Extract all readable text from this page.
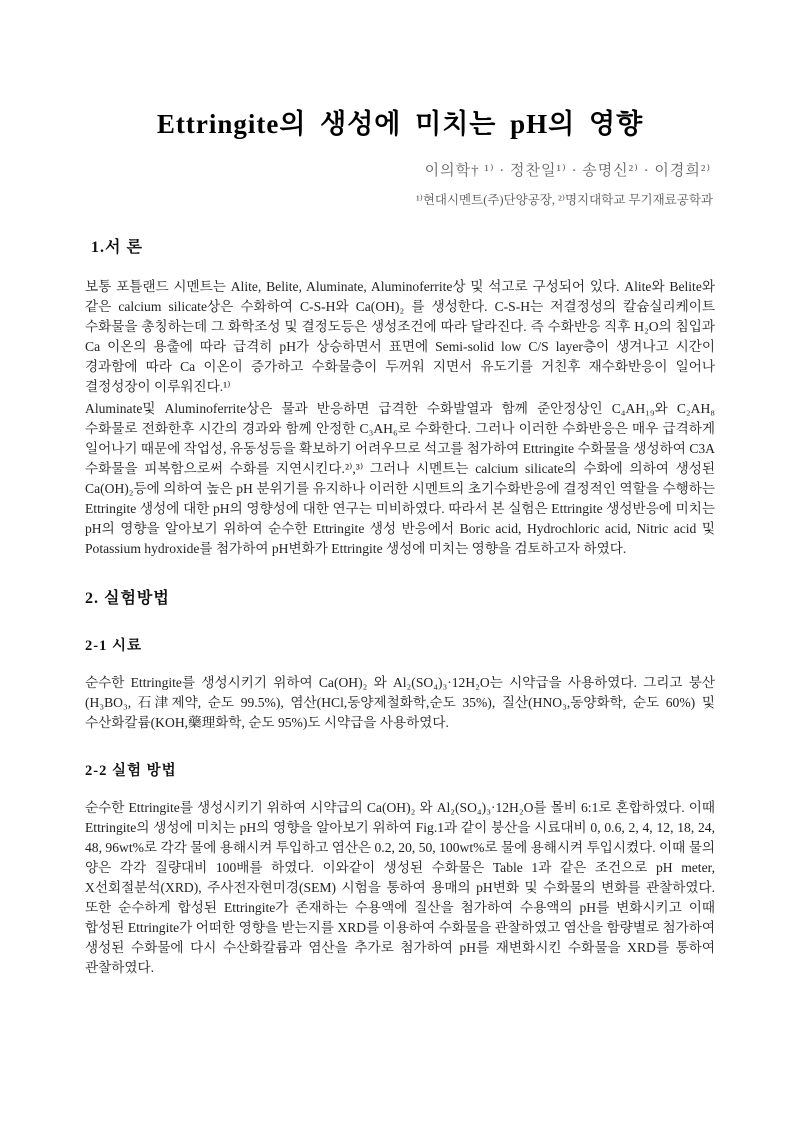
Ettringite의 생성에 미치는 pH의 영향
이의학† ¹⁾ · 정찬일¹⁾ · 송명신²⁾ · 이경희²⁾
¹⁾현대시멘트(주)단양공장, ²⁾명지대학교 무기재료공학과
1.서 론

보통 포틀랜드 시멘트는 Alite, Belite, Aluminate, Aluminoferrite상 및 석고로 구성되어 있다. Alite와 Belite와 같은 calcium silicate상은 수화하여 C-S-H와 Ca(OH)₂ 를 생성한다. C-S-H는 저결정성의 칼슘실리케이트 수화물을 총칭하는데 그 화학조성 및 결정도등은 생성조건에 따라 달라진다. 즉 수화반응 직후 H₂O의 침입과 Ca 이온의 용출에 따라 급격히 pH가 상승하면서 표면에 Semi-solid low C/S layer층이 생겨나고 시간이 경과함에 따라 Ca 이온이 증가하고 수화물층이 두꺼워 지면서 유도기를 거친후 재수화반응이 일어나 결정성장이 이루워진다.¹⁾

Aluminate및 Aluminoferrite상은 물과 반응하면 급격한 수화발열과 함께 준안정상인 C₄AH₁₉와 C₂AH₈ 수화물로 전화한후 시간의 경과와 함께 안정한 C₃AH₆로 수화한다. 그러나 이러한 수화반응은 매우 급격하게 일어나기 때문에 작업성, 유동성등을 확보하기 어려우므로 석고를 첨가하여 Ettringite 수화물을 생성하여 C3A 수화물을 피복함으로써 수화를 지연시킨다.²⁾,³⁾ 그러나 시멘트는 calcium silicate의 수화에 의하여 생성된 Ca(OH)₂등에 의하여 높은 pH 분위기를 유지하나 이러한 시멘트의 초기수화반응에 결정적인 역할을 수행하는 Ettringite 생성에 대한 pH의 영향성에 대한 연구는 미비하였다. 따라서 본 실험은 Ettringite 생성반응에 미치는 pH의 영향을 알아보기 위하여 순수한 Ettringite 생성 반응에서 Boric acid, Hydrochloric acid, Nitric acid 및 Potassium hydroxide를 첨가하여 pH변화가 Ettringite 생성에 미치는 영향을 검토하고자 하였다.

2. 실험방법
2-1 시료

순수한 Ettringite를 생성시키기 위하여 Ca(OH)₂ 와 Al₂(SO₄)₃·12H₂O는 시약급을 사용하였다. 그리고 붕산(H₃BO₃, 石津제약, 순도 99.5%), 염산(HCl,동양제철화학,순도 35%), 질산(HNO₃,동양화학, 순도 60%) 및 수산화칼륨(KOH,藥理화학, 순도 95%)도 시약급을 사용하였다.

2-2 실험 방법

순수한 Ettringite를 생성시키기 위하여 시약급의 Ca(OH)₂ 와 Al₂(SO₄)₃·12H₂O를 몰비 6:1로 혼합하였다. 이때 Ettringite의 생성에 미치는 pH의 영향을 알아보기 위하여 Fig.1과 같이 붕산을 시료대비 0, 0.6, 2, 4, 12, 18, 24, 48, 96wt%로 각각 물에 용해시켜 투입하고 염산은 0.2, 20, 50, 100wt%로 물에 용해시켜 투입시켰다. 이때 물의 양은 각각 질량대비 100배를 하였다. 이와같이 생성된 수화물은 Table 1과 같은 조건으로 pH meter, X선회절분석(XRD), 주사전자현미경(SEM) 시험을 통하여 용매의 pH변화 및 수화물의 변화를 관찰하였다. 또한 순수하게 합성된 Ettringite가 존재하는 수용액에 질산을 첨가하여 수용액의 pH를 변화시키고 이때 합성된 Ettringite가 어떠한 영향을 받는지를 XRD를 이용하여 수화물을 관찰하였고 염산을 함량별로 첨가하여 생성된 수화물에 다시 수산화칼륨과 염산을 추가로 첨가하여 pH를 재변화시킨 수화물을 XRD를 통하여 관찰하였다.
